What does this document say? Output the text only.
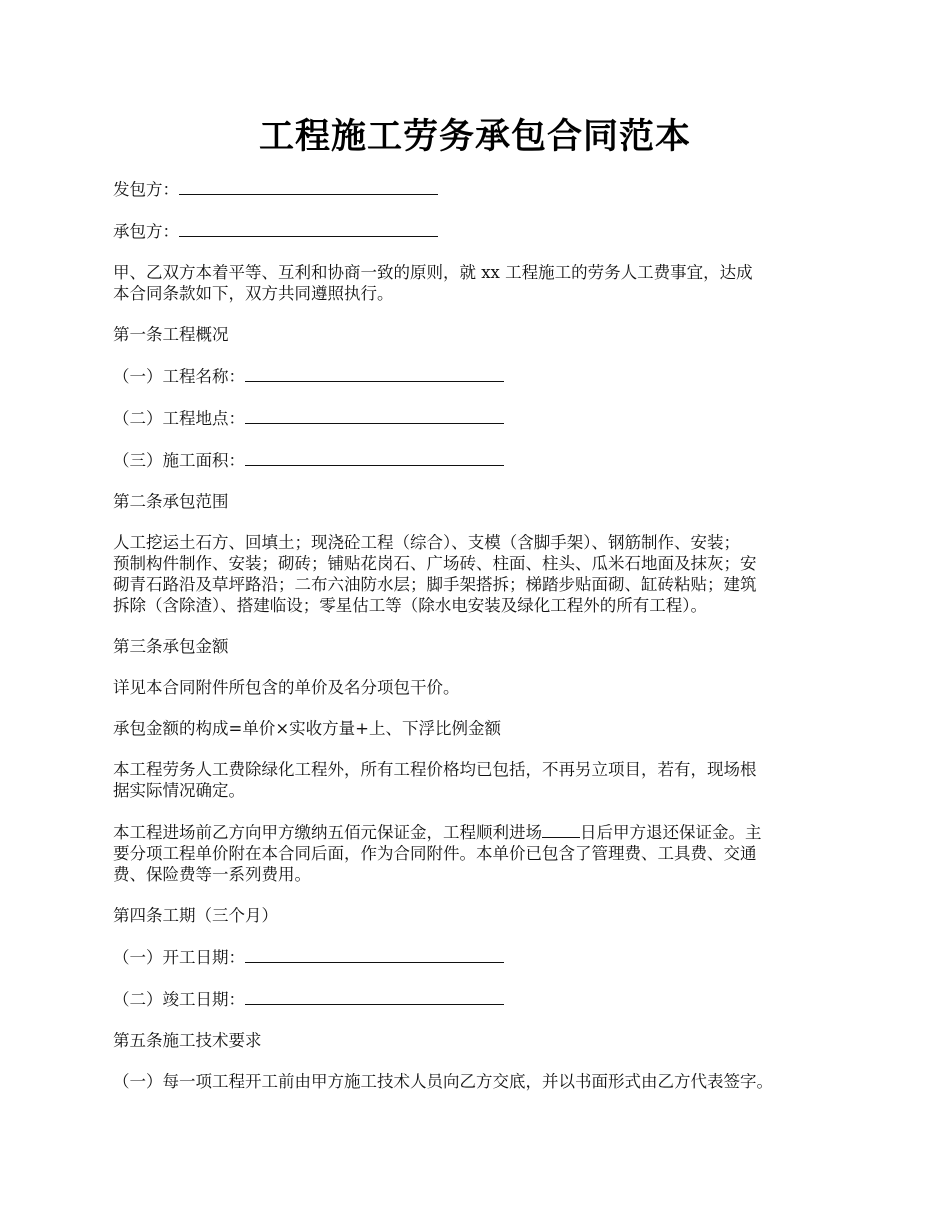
工程施工劳务承包合同范本
发包方：
承包方：
甲、乙双方本着平等、互利和协商一致的原则，就 xx 工程施工的劳务人工费事宜，达成
本合同条款如下，双方共同遵照执行。
第一条工程概况
（一）工程名称：
（二）工程地点：
（三）施工面积：
第二条承包范围
人工挖运土石方、回填土；现浇砼工程（综合）、支模（含脚手架）、钢筋制作、安装；
预制构件制作、安装；砌砖；铺贴花岗石、广场砖、柱面、柱头、瓜米石地面及抹灰；安
砌青石路沿及草坪路沿；二布六油防水层；脚手架搭拆；梯踏步贴面砌、缸砖粘贴；建筑
拆除（含除渣）、搭建临设；零星估工等（除水电安装及绿化工程外的所有工程）。
第三条承包金额
详见本合同附件所包含的单价及名分项包干价。
承包金额的构成=单价×实收方量+上、下浮比例金额
本工程劳务人工费除绿化工程外，所有工程价格均已包括，不再另立项目，若有，现场根
据实际情况确定。
本工程进场前乙方向甲方缴纳五佰元保证金，工程顺利进场 日后甲方退还保证金。主
要分项工程单价附在本合同后面，作为合同附件。本单价已包含了管理费、工具费、交通
费、保险费等一系列费用。
第四条工期（三个月）
（一）开工日期：
（二）竣工日期：
第五条施工技术要求
（一）每一项工程开工前由甲方施工技术人员向乙方交底，并以书面形式由乙方代表签字。
